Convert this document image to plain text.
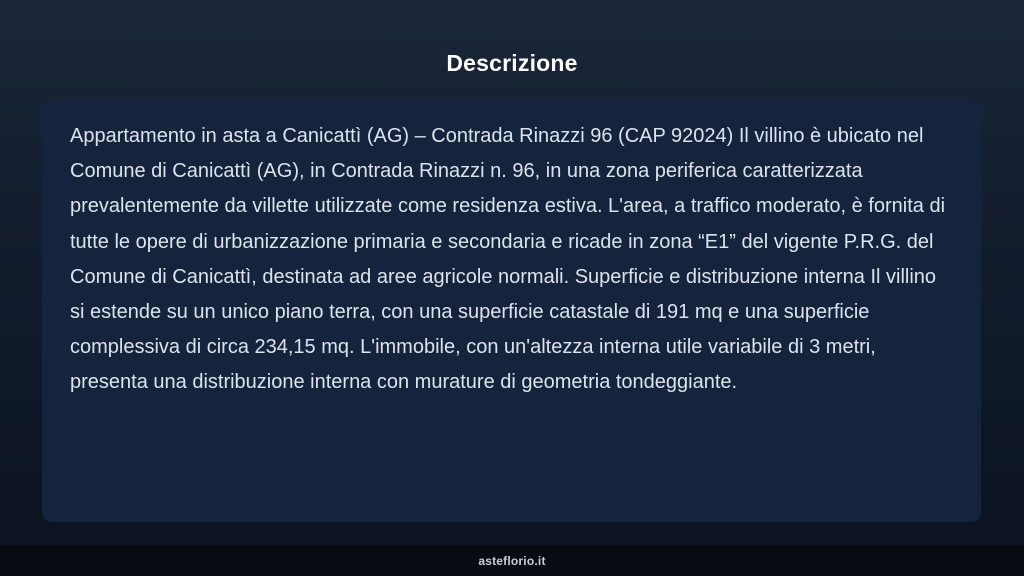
Descrizione

Appartamento in asta a Canicattì (AG) – Contrada Rinazzi 96 (CAP 92024) Il villino è ubicato nel Comune di Canicattì (AG), in Contrada Rinazzi n. 96, in una zona periferica caratterizzata prevalentemente da villette utilizzate come residenza estiva. L'area, a traffico moderato, è fornita di tutte le opere di urbanizzazione primaria e secondaria e ricade in zona “E1” del vigente P.R.G. del Comune di Canicattì, destinata ad aree agricole normali. Superficie e distribuzione interna Il villino si estende su un unico piano terra, con una superficie catastale di 191 mq e una superficie complessiva di circa 234,15 mq. L'immobile, con un'altezza interna utile variabile di 3 metri, presenta una distribuzione interna con murature di geometria tondeggiante.

asteflorio.it
